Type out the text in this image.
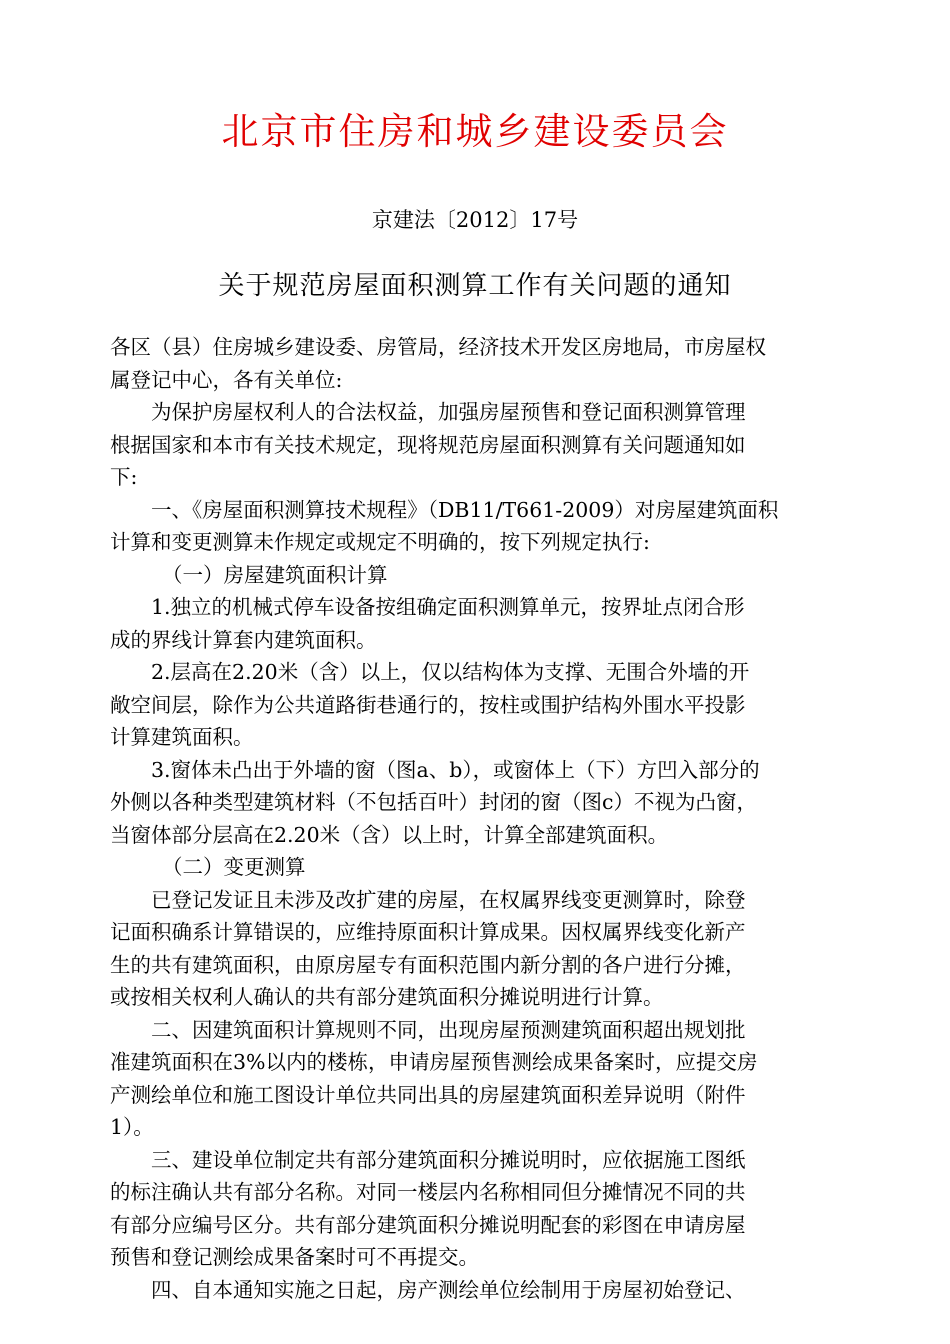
北京市住房和城乡建设委员会
京建法〔2012〕17号
关于规范房屋面积测算工作有关问题的通知
各区（县）住房城乡建设委、房管局，经济技术开发区房地局，市房屋权
属登记中心，各有关单位:
为保护房屋权利人的合法权益，加强房屋预售和登记面积测算管理
根据国家和本市有关技术规定，现将规范房屋面积测算有关问题通知如
下:
一、《房屋面积测算技术规程》（DB11/T661-2009）对房屋建筑面积
计算和变更测算未作规定或规定不明确的，按下列规定执行:
（一）房屋建筑面积计算
1.独立的机械式停车设备按组确定面积测算单元，按界址点闭合形
成的界线计算套内建筑面积。
2.层高在2.20米（含）以上，仅以结构体为支撑、无围合外墙的开
敞空间层，除作为公共道路街巷通行的，按柱或围护结构外围水平投影
计算建筑面积。
3.窗体未凸出于外墙的窗（图a、b），或窗体上（下）方凹入部分的
外侧以各种类型建筑材料（不包括百叶）封闭的窗（图c）不视为凸窗，
当窗体部分层高在2.20米（含）以上时，计算全部建筑面积。
（二）变更测算
已登记发证且未涉及改扩建的房屋，在权属界线变更测算时，除登
记面积确系计算错误的，应维持原面积计算成果。因权属界线变化新产
生的共有建筑面积，由原房屋专有面积范围内新分割的各户进行分摊，
或按相关权利人确认的共有部分建筑面积分摊说明进行计算。
二、因建筑面积计算规则不同，出现房屋预测建筑面积超出规划批
准建筑面积在3%以内的楼栋，申请房屋预售测绘成果备案时，应提交房
产测绘单位和施工图设计单位共同出具的房屋建筑面积差异说明（附件
1）。
三、建设单位制定共有部分建筑面积分摊说明时，应依据施工图纸
的标注确认共有部分名称。对同一楼层内名称相同但分摊情况不同的共
有部分应编号区分。共有部分建筑面积分摊说明配套的彩图在申请房屋
预售和登记测绘成果备案时可不再提交。
四、自本通知实施之日起，房产测绘单位绘制用于房屋初始登记、
